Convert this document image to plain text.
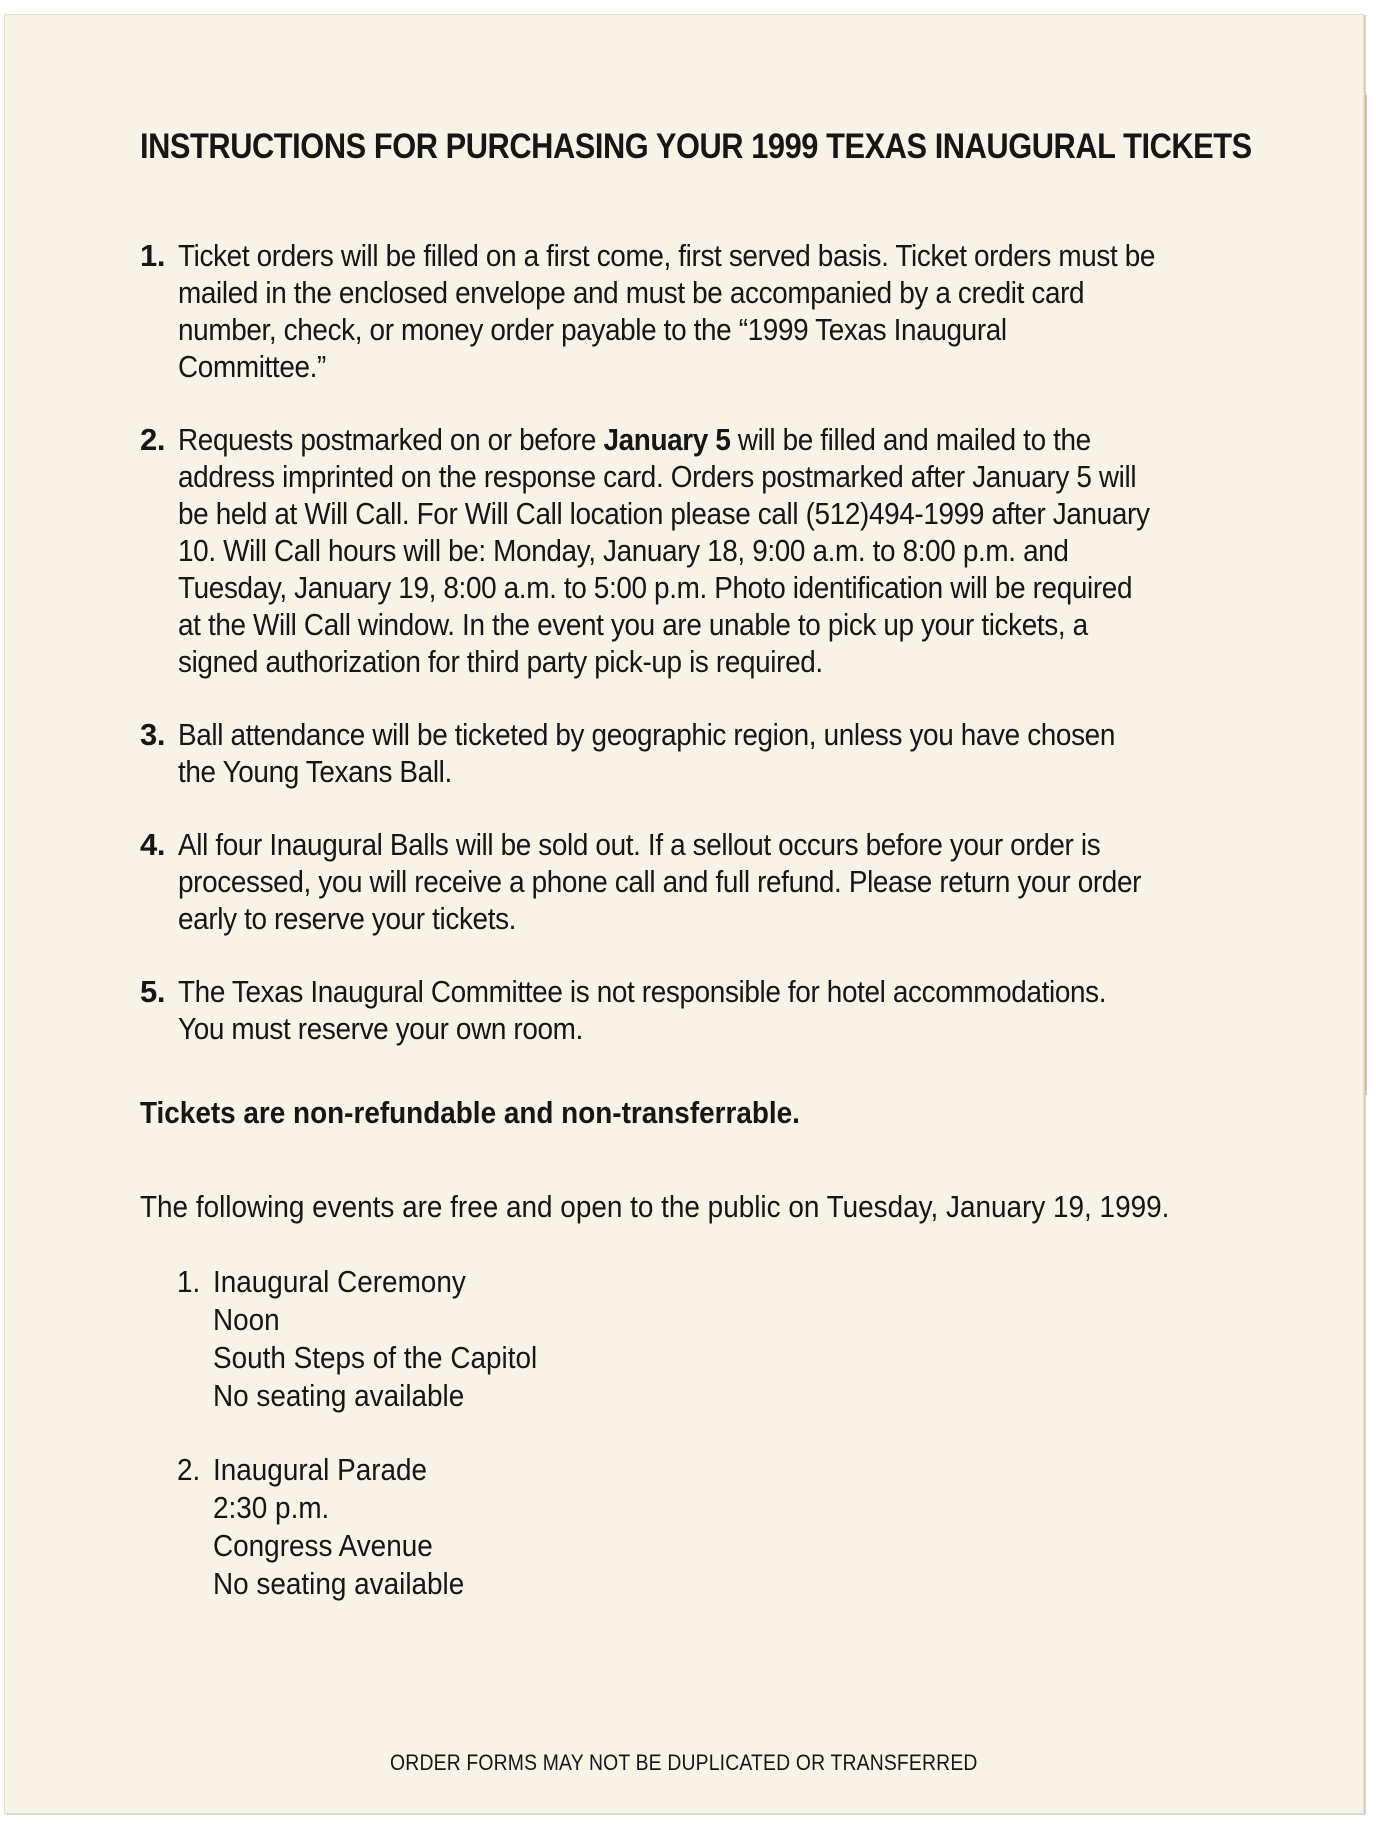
INSTRUCTIONS FOR PURCHASING YOUR 1999 TEXAS INAUGURAL TICKETS
1. Ticket orders will be filled on a first come, first served basis. Ticket orders must be mailed in the enclosed envelope and must be accompanied by a credit card number, check, or money order payable to the “1999 Texas Inaugural Committee.”
2. Requests postmarked on or before January 5 will be filled and mailed to the address imprinted on the response card. Orders postmarked after January 5 will be held at Will Call. For Will Call location please call (512)494-1999 after January 10. Will Call hours will be: Monday, January 18, 9:00 a.m. to 8:00 p.m. and Tuesday, January 19, 8:00 a.m. to 5:00 p.m. Photo identification will be required at the Will Call window. In the event you are unable to pick up your tickets, a signed authorization for third party pick-up is required.
3. Ball attendance will be ticketed by geographic region, unless you have chosen the Young Texans Ball.
4. All four Inaugural Balls will be sold out. If a sellout occurs before your order is processed, you will receive a phone call and full refund. Please return your order early to reserve your tickets.
5. The Texas Inaugural Committee is not responsible for hotel accommodations. You must reserve your own room.

Tickets are non-refundable and non-transferrable.

The following events are free and open to the public on Tuesday, January 19, 1999.

1. Inaugural Ceremony
Noon
South Steps of the Capitol
No seating available
2. Inaugural Parade
2:30 p.m.
Congress Avenue
No seating available

ORDER FORMS MAY NOT BE DUPLICATED OR TRANSFERRED
